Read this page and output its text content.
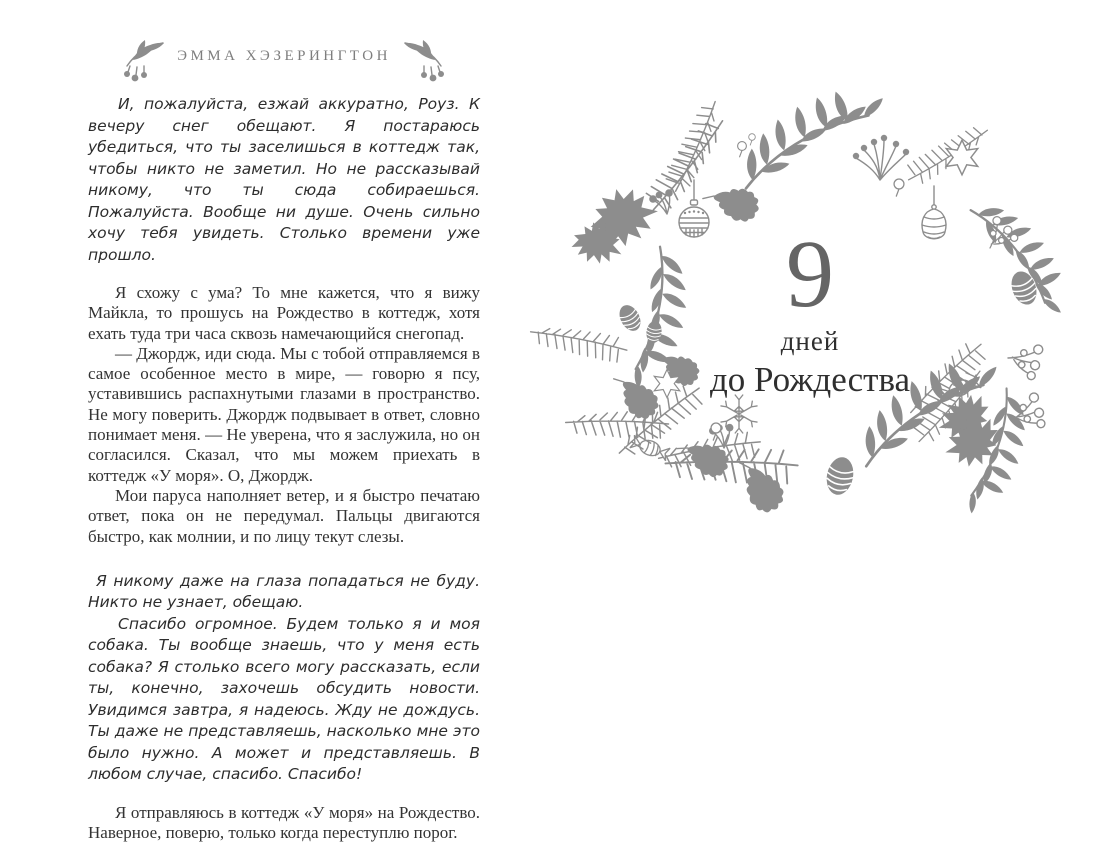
ЭММА ХЭЗЕРИНГТОН

И, пожалуйста, езжай аккуратно, Роуз. К вечеру снег обещают. Я постараюсь убедиться, что ты заселишься в коттедж так, чтобы никто не заметил. Но не рассказывай никому, что ты сюда собираешься. Пожалуйста. Вообще ни душе. Очень сильно хочу тебя увидеть. Столько времени уже прошло.

Я схожу с ума? То мне кажется, что я вижу Майкла, то прошусь на Рождество в коттедж, хотя ехать туда три часа сквозь намечающийся снегопад.

— Джордж, иди сюда. Мы с тобой отправляемся в самое особенное место в мире, — говорю я псу, уставившись распахнутыми глазами в пространство. Не могу поверить. Джордж подвывает в ответ, словно понимает меня. — Не уверена, что я заслужила, но он согласился. Сказал, что мы можем приехать в коттедж «У моря». О, Джордж.

Мои паруса наполняет ветер, и я быстро печатаю ответ, пока он не передумал. Пальцы двигаются быстро, как молнии, и по лицу текут слезы.

Я никому даже на глаза попадаться не буду. Никто не узнает, обещаю.

Спасибо огромное. Будем только я и моя собака. Ты вообще знаешь, что у меня есть собака? Я столько всего могу рассказать, если ты, конечно, захочешь обсудить новости. Увидимся завтра, я надеюсь. Жду не дождусь. Ты даже не представляешь, насколько мне это было нужно. А может и представляешь. В любом случае, спасибо. Спасибо!

Я отправляюсь в коттедж «У моря» на Рождество. Наверное, поверю, только когда переступлю порог.

9
дней
до Рождества
